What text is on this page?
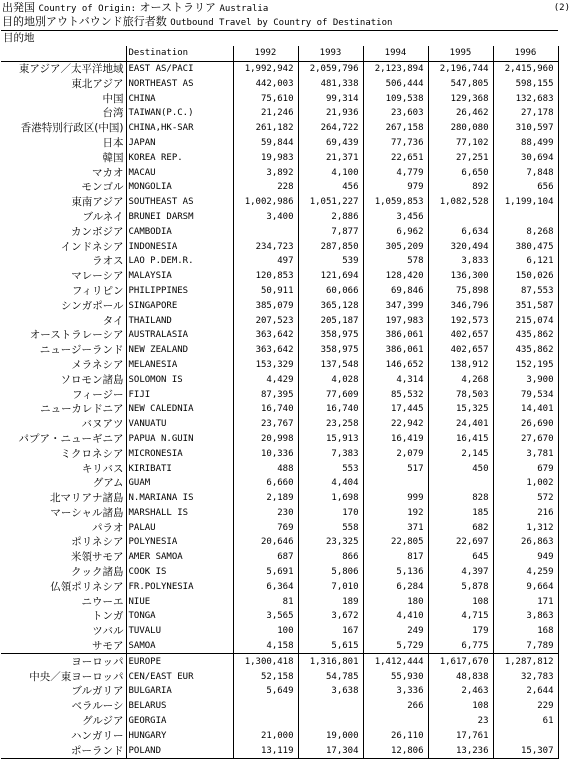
出発国 Country of Origin: オーストラリア Australia	(2)
目的地別アウトバウンド旅行者数 Outbound Travel by Country of Destination
目的地						
	Destination	1992	1993	1994	1995	1996
東アジア／太平洋地域	EAST AS/PACI	1,992,942	2,059,796	2,123,894	2,196,744	2,415,960
東北アジア	NORTHEAST AS	442,003	481,338	506,444	547,805	598,155
中国	CHINA	75,610	99,314	109,538	129,368	132,683
台湾	TAIWAN(P.C.)	21,246	21,936	23,603	26,462	27,178
香港特別行政区(中国)	CHINA,HK-SAR	261,182	264,722	267,158	280,080	310,597
日本	JAPAN	59,844	69,439	77,736	77,102	88,499
韓国	KOREA REP.	19,983	21,371	22,651	27,251	30,694
マカオ	MACAU	3,892	4,100	4,779	6,650	7,848
モンゴル	MONGOLIA	228	456	979	892	656
東南アジア	SOUTHEAST AS	1,002,986	1,051,227	1,059,853	1,082,528	1,199,104
ブルネイ	BRUNEI DARSM	3,400	2,886	3,456		
カンボジア	CAMBODIA		7,877	6,962	6,634	8,268
インドネシア	INDONESIA	234,723	287,850	305,209	320,494	380,475
ラオス	LAO P.DEM.R.	497	539	578	3,833	6,121
マレーシア	MALAYSIA	120,853	121,694	128,420	136,300	150,026
フィリピン	PHILIPPINES	50,911	60,066	69,846	75,898	87,553
シンガポール	SINGAPORE	385,079	365,128	347,399	346,796	351,587
タイ	THAILAND	207,523	205,187	197,983	192,573	215,074
オーストラレーシア	AUSTRALASIA	363,642	358,975	386,061	402,657	435,862
ニュージーランド	NEW ZEALAND	363,642	358,975	386,061	402,657	435,862
メラネシア	MELANESIA	153,329	137,548	146,652	138,912	152,195
ソロモン諸島	SOLOMON IS	4,429	4,028	4,314	4,268	3,900
フィージー	FIJI	87,395	77,609	85,532	78,503	79,534
ニューカレドニア	NEW CALEDNIA	16,740	16,740	17,445	15,325	14,401
バヌアツ	VANUATU	23,767	23,258	22,942	24,401	26,690
パプア・ニューギニア	PAPUA N.GUIN	20,998	15,913	16,419	16,415	27,670
ミクロネシア	MICRONESIA	10,336	7,383	2,079	2,145	3,781
キリバス	KIRIBATI	488	553	517	450	679
グアム	GUAM	6,660	4,404			1,002
北マリアナ諸島	N.MARIANA IS	2,189	1,698	999	828	572
マーシャル諸島	MARSHALL IS	230	170	192	185	216
パラオ	PALAU	769	558	371	682	1,312
ポリネシア	POLYNESIA	20,646	23,325	22,805	22,697	26,863
米領サモア	AMER SAMOA	687	866	817	645	949
クック諸島	COOK IS	5,691	5,806	5,136	4,397	4,259
仏領ポリネシア	FR.POLYNESIA	6,364	7,010	6,284	5,878	9,664
ニウーエ	NIUE	81	189	180	108	171
トンガ	TONGA	3,565	3,672	4,410	4,715	3,863
ツバル	TUVALU	100	167	249	179	168
サモア	SAMOA	4,158	5,615	5,729	6,775	7,789
ヨーロッパ	EUROPE	1,300,418	1,316,801	1,412,444	1,617,670	1,287,812
中央／東ヨーロッパ	CEN/EAST EUR	52,158	54,785	55,930	48,838	32,783
ブルガリア	BULGARIA	5,649	3,638	3,336	2,463	2,644
ベラルーシ	BELARUS			266	108	229
グルジア	GEORGIA				23	61
ハンガリー	HUNGARY	21,000	19,000	26,110	17,761	
ポーランド	POLAND	13,119	17,304	12,806	13,236	15,307
